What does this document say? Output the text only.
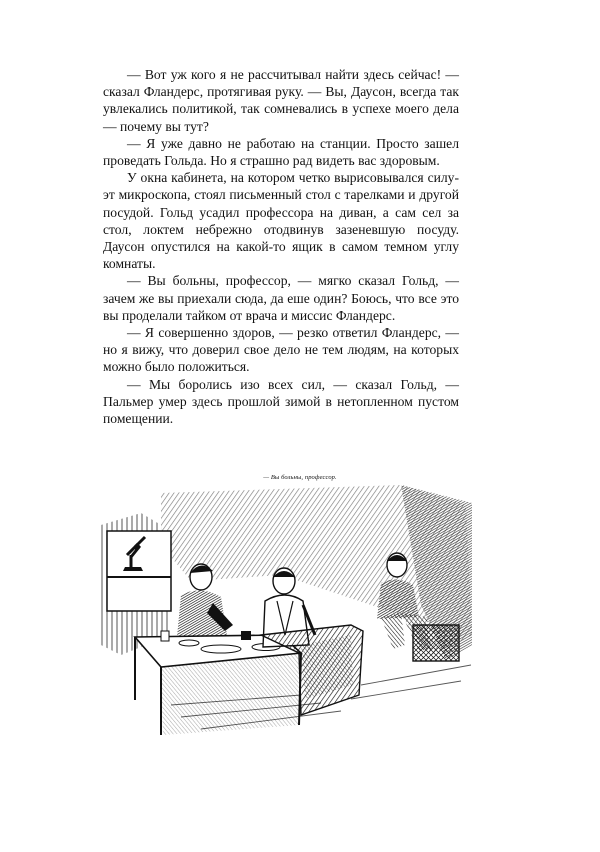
— Вот уж кого я не рассчитывал найти здесь сейчас! — сказал Фландерс, протягивая руку. — Вы, Даусон, всегда так увлекались политикой, так сомневались в успехе моего дела — почему вы тут?

— Я уже давно не работаю на станции. Просто зашел проведать Гольда. Но я страшно рад видеть вас здоровым.

У окна кабинета, на котором четко вырисовывался силуэт микроскопа, стоял письменный стол с тарелками и другой посудой. Гольд усадил профессора на диван, а сам сел за стол, локтем небрежно отодвинув зазеневшую посуду. Даусон опустился на какой-то ящик в самом темном углу комнаты.

— Вы больны, профессор, — мягко сказал Гольд, — зачем же вы приехали сюда, да еше один? Боюсь, что все это вы проделали тайком от врача и миссис Фландерс.

— Я совершенно здоров, — резко ответил Фландерс, — но я вижу, что доверил свое дело не тем людям, на которых можно было положиться.

— Мы боролись изо всех сил, — сказал Гольд, — Пальмер умер здесь прошлой зимой в нетопленном пустом помещении.

— Вы больны, профессор.
